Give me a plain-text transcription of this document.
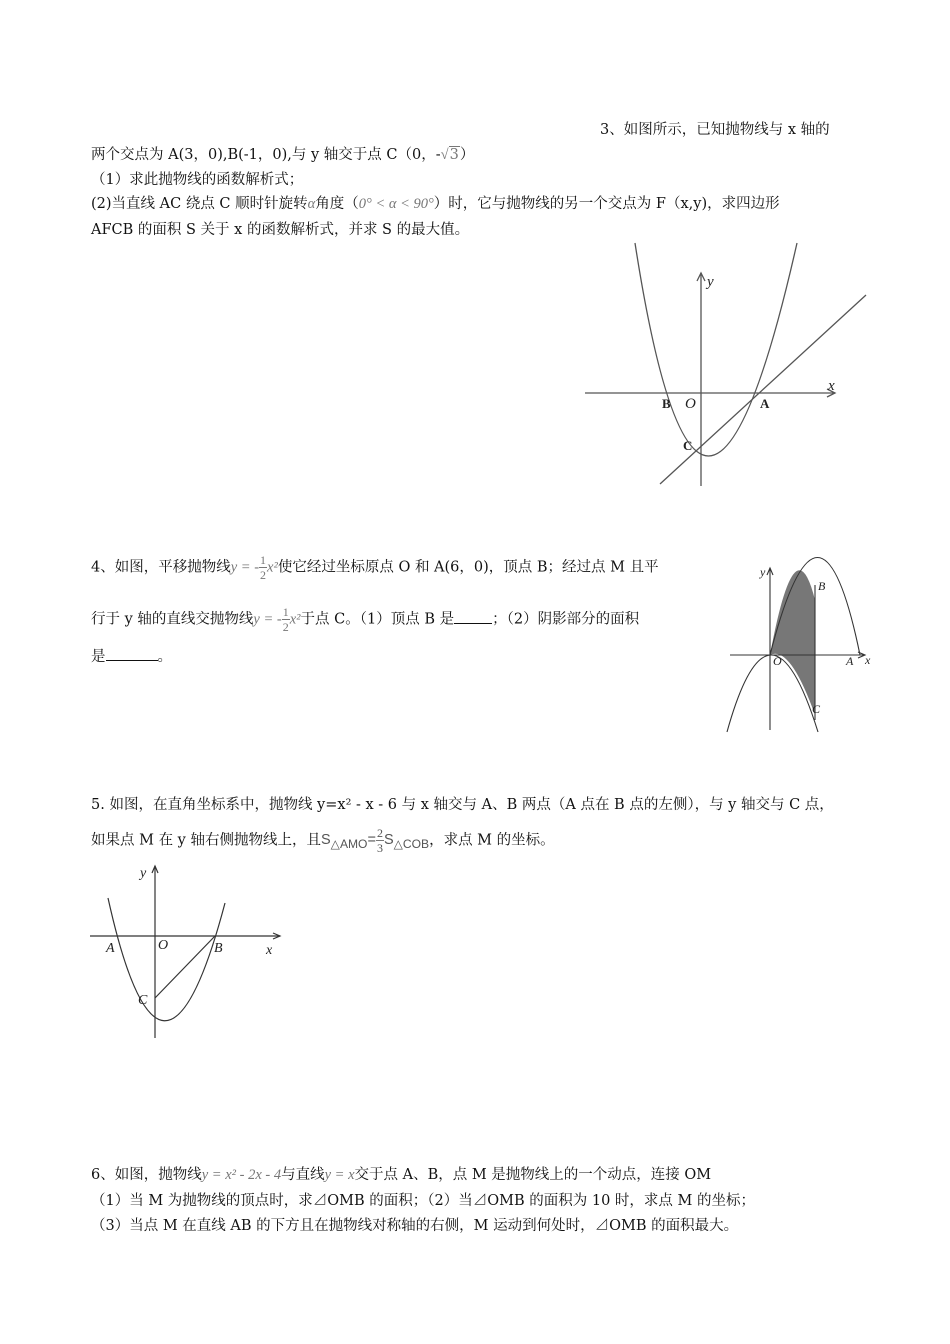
3、如图所示，已知抛物线与 x 轴的
两个交点为 A(3，0),B(-1，0),与 y 轴交于点 C（0，-√3）
（1）求此抛物线的函数解析式；
(2)当直线 AC 绕点 C 顺时针旋转α角度（0° < α < 90°）时，它与抛物线的另一个交点为 F（x,y)，求四边形
AFCB 的面积 S 关于 x 的函数解析式，并求 S 的最大值。
y
x
B O	A
C
4、如图，平移抛物线y = - $\frac{1}{2} x^2$使它经过坐标原点 O 和 A(6，0)，顶点 B；经过点 M 且平
行于 y 轴的直线交抛物线y = - $\frac{1}{2} x^2$于点 C。（1）顶点 B 是	；（2）阴影部分的面积
是	。
y
x
B
O	A
C
5. 如图，在直角坐标系中，抛物线 y=x² - x - 6 与 x 轴交与 A、B 两点（A 点在 B 点的左侧），与 y 轴交与 C 点，
如果点 M 在 y 轴右侧抛物线上，且$S_{\triangle AMO}= \frac{2}{3} S_{\triangle COB}$，求点 M 的坐标。
y
x
A	O	B
C
6、如图，抛物线y = x² - 2x - 4与直线y = x交于点 A、B，点 M 是抛物线上的一个动点，连接 OM
（1）当 M 为抛物线的顶点时，求⊿OMB 的面积；（2）当⊿OMB 的面积为 10 时，求点 M 的坐标；
（3）当点 M 在直线 AB 的下方且在抛物线对称轴的右侧，M 运动到何处时，⊿OMB 的面积最大。
